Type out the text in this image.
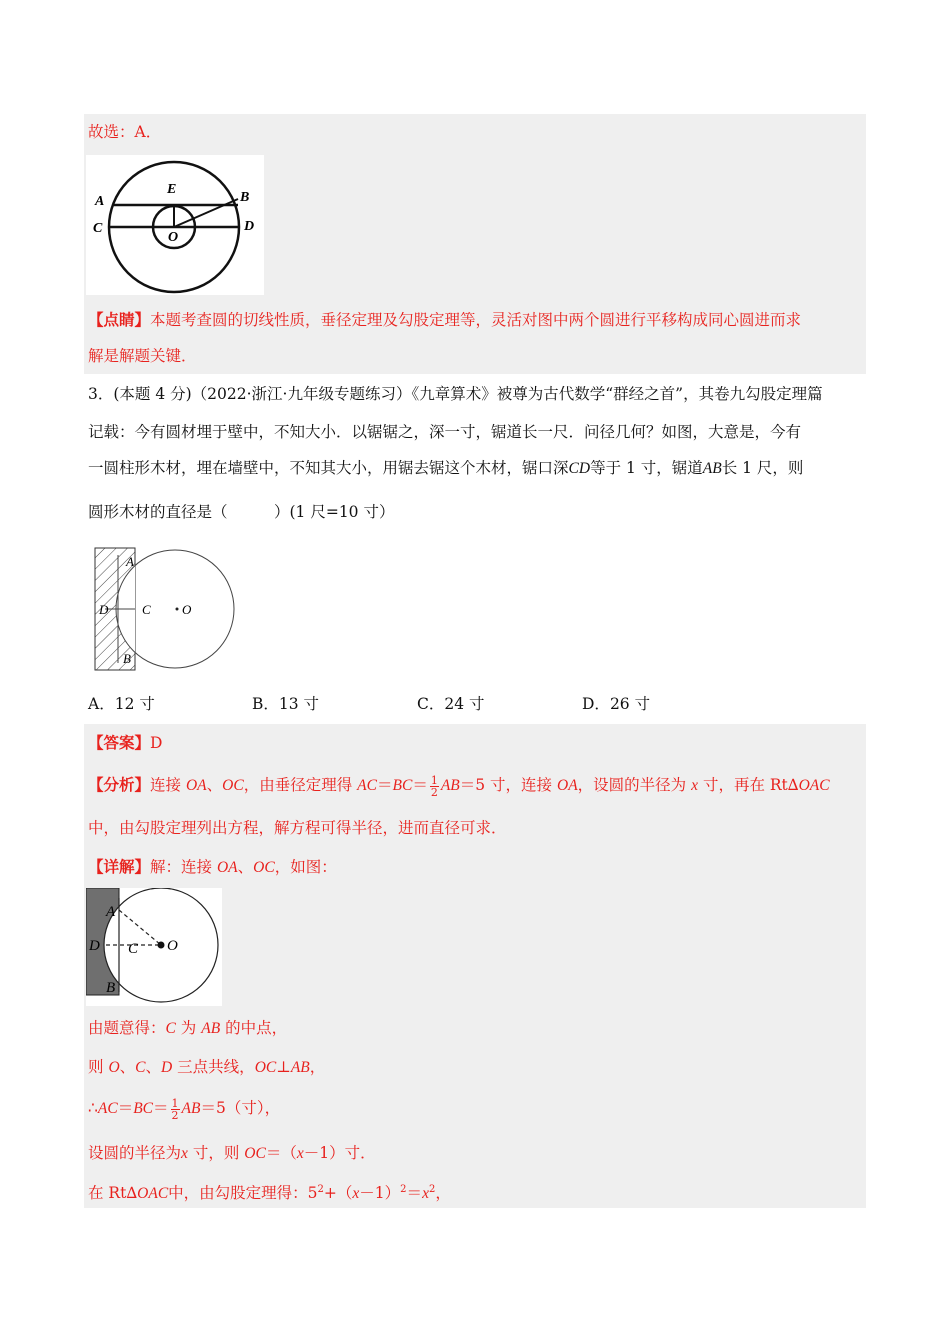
故选：A．
A
C
E
B
D
O
【点睛】本题考查圆的切线性质，垂径定理及勾股定理等，灵活对图中两个圆进行平移构成同心圆进而求
解是解题关键．
3．(本题 4 分)（2022·浙江·九年级专题练习）《九章算术》被尊为古代数学“群经之首”，其卷九勾股定理篇
记载：今有圆材埋于壁中，不知大小．以锯锯之，深一寸，锯道长一尺．问径几何？如图，大意是，今有
一圆柱形木材，埋在墙壁中，不知其大小，用锯去锯这个木材，锯口深CD等于 1 寸，锯道AB长 1 尺，则
圆形木材的直径是（　　　）(1 尺=10 寸）
A
D	C O
B
A．12 寸	B．13 寸	C．24 寸	D．26 寸
【答案】D
【分析】连接 OA、OC，由垂径定理得 $AC=BC= \frac{1}{2} AB=5$ 寸，连接 OA，设圆的半径为 x 寸，再在 Rt∆OAC
中，由勾股定理列出方程，解方程可得半径，进而直径可求．
【详解】解：连接 OA、OC，如图：
A
D C O
B
由题意得：C 为 AB 的中点，
则 O、C、D 三点共线，OC⊥AB，
∴AC＝BC＝ $\frac{1}{2} AB=5$（寸），
设圆的半径为x 寸，则 OC＝（x－1）寸．
在 Rt∆OAC中，由勾股定理得：$5^2+(x-1)^2=x^2$，
